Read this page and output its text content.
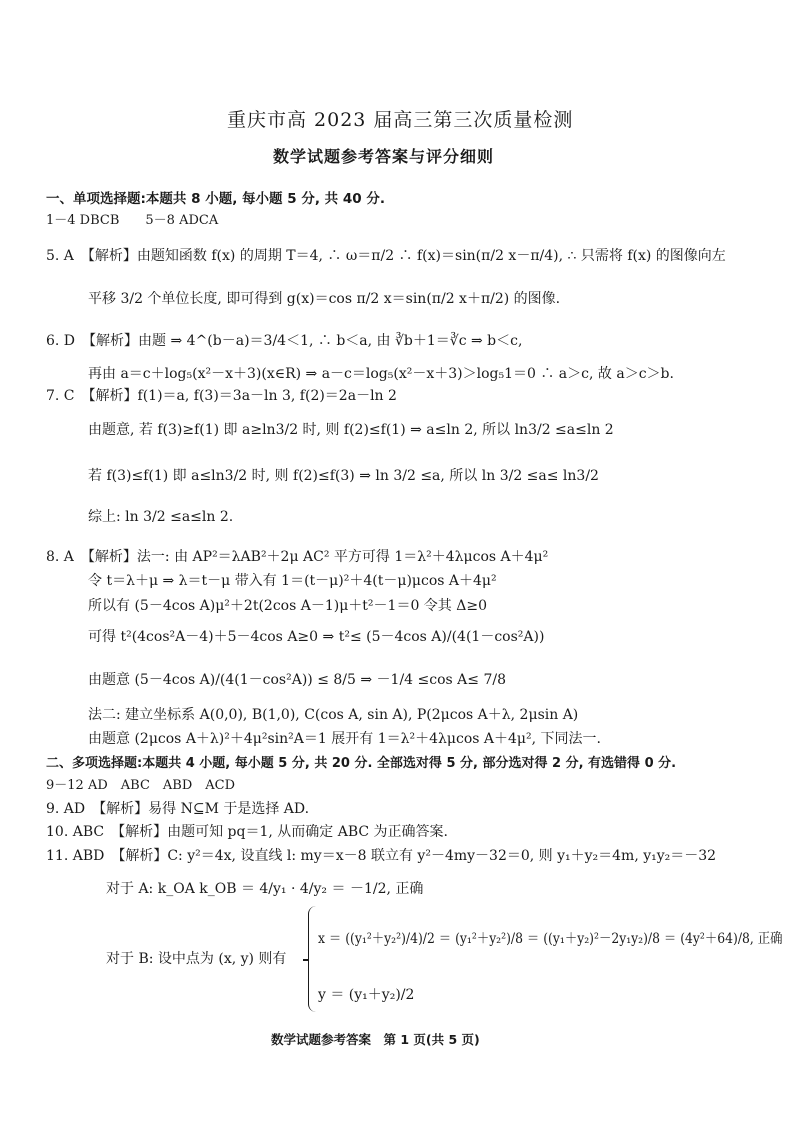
重庆市高 2023 届高三第三次质量检测
数学试题参考答案与评分细则
一、单项选择题:本题共 8 小题, 每小题 5 分, 共 40 分.
1－4 DBCB　　5－8 ADCA
5. A　【解析】由题知函数 f(x) 的周期 T＝4, ∴ ω＝π/2 ∴ f(x)＝sin(π/2 x－π/4), ∴ 只需将 f(x) 的图像向左
平移 3/2 个单位长度, 即可得到 g(x)＝cos π/2 x＝sin(π/2 x＋π/2) 的图像.
6. D　【解析】由题 ⇒ 4^(b－a)＝3/4＜1, ∴ b＜a, 由 ∛b＋1＝∛c ⇒ b＜c,
再由 a＝c＋log₅(x²－x＋3)(x∈R) ⇒ a－c＝log₅(x²－x＋3)＞log₅1＝0 ∴ a＞c, 故 a＞c＞b.
7. C　【解析】f(1)＝a, f(3)＝3a－ln 3, f(2)＝2a－ln 2
由题意, 若 f(3)≥f(1) 即 a≥ln3/2 时, 则 f(2)≤f(1) ⇒ a≤ln 2, 所以 ln3/2 ≤a≤ln 2
若 f(3)≤f(1) 即 a≤ln3/2 时, 则 f(2)≤f(3) ⇒ ln 3/2 ≤a, 所以 ln 3/2 ≤a≤ ln3/2
综上: ln 3/2 ≤a≤ln 2.
8. A　【解析】法一: 由 AP²＝λAB²＋2μ AC² 平方可得 1＝λ²＋4λμcos A＋4μ²
令 t＝λ＋μ ⇒ λ＝t－μ 带入有 1＝(t－μ)²＋4(t－μ)μcos A＋4μ²
所以有 (5－4cos A)μ²＋2t(2cos A－1)μ＋t²－1＝0 令其 Δ≥0
可得 t²(4cos²A－4)＋5－4cos A≥0 ⇒ t²≤ (5－4cos A)/(4(1－cos²A))
由题意 (5－4cos A)/(4(1－cos²A)) ≤ 8/5 ⇒ －1/4 ≤cos A≤ 7/8
法二: 建立坐标系 A(0,0), B(1,0), C(cos A, sin A), P(2μcos A＋λ, 2μsin A)
由题意 (2μcos A＋λ)²＋4μ²sin²A＝1 展开有 1＝λ²＋4λμcos A＋4μ², 下同法一.
二、多项选择题:本题共 4 小题, 每小题 5 分, 共 20 分. 全部选对得 5 分, 部分选对得 2 分, 有选错得 0 分.
9－12 AD　ABC　ABD　ACD
9. AD　【解析】易得 N⊆M 于是选择 AD.
10. ABC　【解析】由题可知 pq＝1, 从而确定 ABC 为正确答案.
11. ABD　【解析】C: y²＝4x, 设直线 l: my＝x－8 联立有 y²－4my－32＝0, 则 y₁＋y₂＝4m, y₁y₂＝－32
对于 A: k_OA k_OB ＝ 4/y₁ · 4/y₂ ＝ －1/2, 正确
对于 B: 设中点为 (x, y) 则有
x ＝ ((y₁²＋y₂²)/4)/2 ＝ (y₁²＋y₂²)/8 ＝ ((y₁＋y₂)²－2y₁y₂)/8 ＝ (4y²＋64)/8, 正确
y ＝ (y₁＋y₂)/2
数学试题参考答案　第 1 页(共 5 页)
